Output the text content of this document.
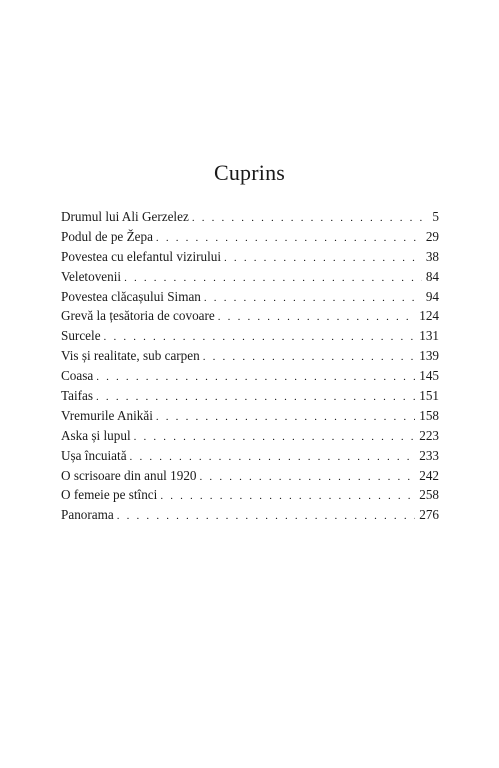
Cuprins
Drumul lui Ali Gerzelez . . .	5
Podul de pe Žepa . . .	29
Povestea cu elefantul vizirului . . .	38
Veletovenii . . .	84
Povestea clăcașului Siman . . .	94
Grevă la țesătoria de covoare . . .	124
Surcele . . .	131
Vis și realitate, sub carpen . . .	139
Coasa . . .	145
Taifas . . .	151
Vremurile Anikăi . . .	158
Aska și lupul . . .	223
Ușa încuiată . . .	233
O scrisoare din anul 1920 . . .	242
O femeie pe stînci . . .	258
Panorama . . .	276
